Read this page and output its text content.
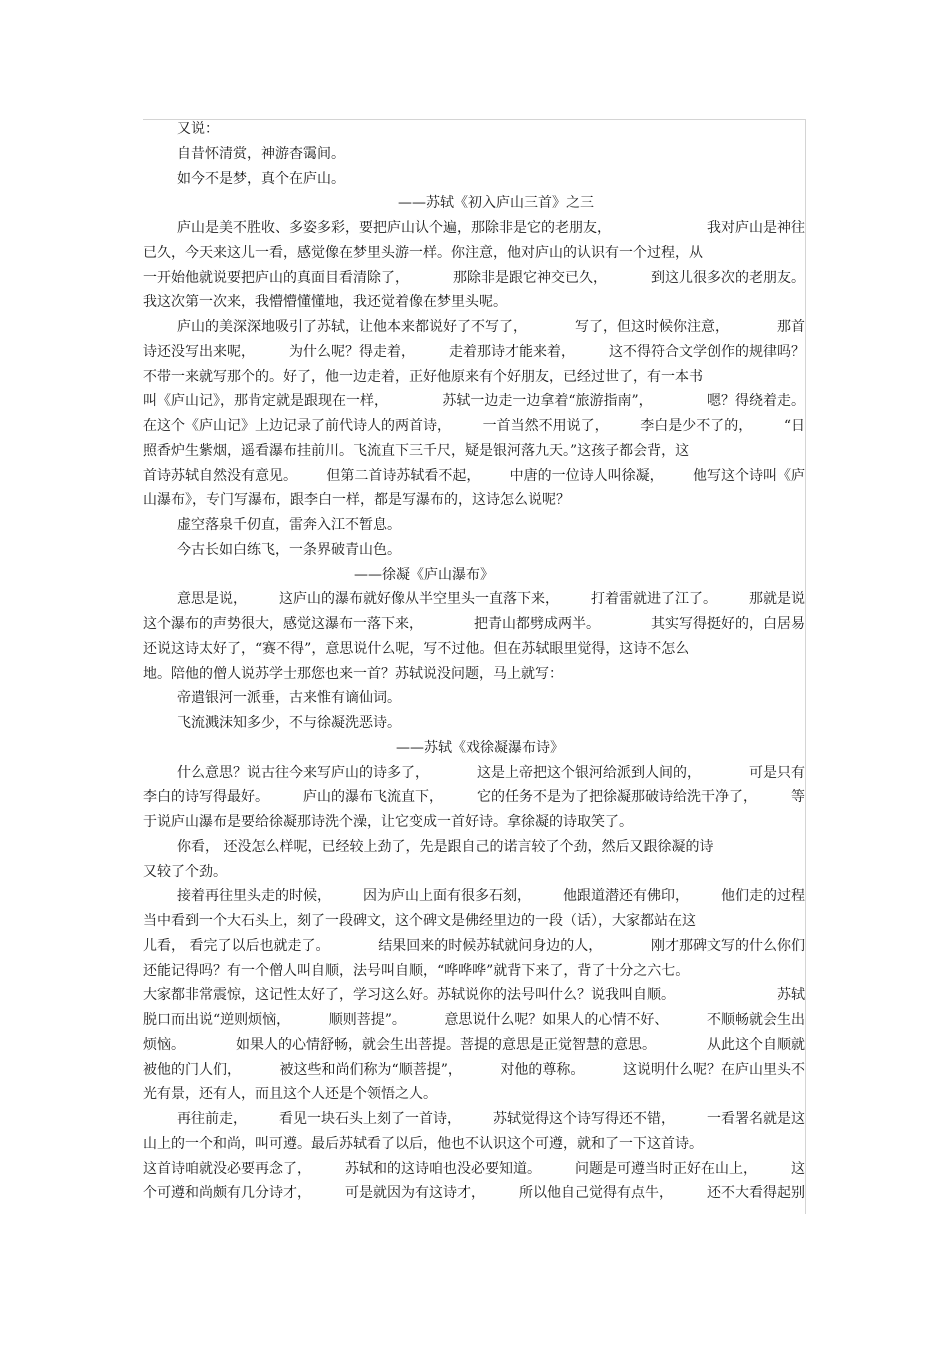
又说：
自昔怀清赏，神游杳霭间。
如今不是梦，真个在庐山。
——苏轼《初入庐山三首》之三
庐山是美不胜收、多姿多彩，要把庐山认个遍，那除非是它的老朋友，	我对庐山是神往
已久，今天来这儿一看，感觉像在梦里头游一样。你注意，他对庐山的认识有一个过程，从
一开始他就说要把庐山的真面目看清除了，	那除非是跟它神交已久，	到这儿很多次的老朋友。
我这次第一次来，我懵懵懂懂地，我还觉着像在梦里头呢。
庐山的美深深地吸引了苏轼，让他本来都说好了不写了，	写了，但这时候你注意，	那首
诗还没写出来呢， 为什么呢？得走着， 走着那诗才能来着， 这不得符合文学创作的规律吗？
不带一来就写那个的。好了，他一边走着，正好他原来有个好朋友，已经过世了，有一本书
叫《庐山记》，那肯定就是跟现在一样，	苏轼一边走一边拿着“旅游指南”，	嗯？得绕着走。
在这个《庐山记》上边记录了前代诗人的两首诗， 一首当然不用说了， 李白是少不了的， “日
照香炉生紫烟，遥看瀑布挂前川。飞流直下三千尺，疑是银河落九天。”这孩子都会背，这
首诗苏轼自然没有意见。 但第二首诗苏轼看不起， 中唐的一位诗人叫徐凝， 他写这个诗叫《庐
山瀑布》，专门写瀑布，跟李白一样，都是写瀑布的，这诗怎么说呢？
虚空落泉千仞直，雷奔入江不暂息。
今古长如白练飞，一条界破青山色。
——徐凝《庐山瀑布》
意思是说， 这庐山的瀑布就好像从半空里头一直落下来， 打着雷就进了江了。 那就是说
这个瀑布的声势很大，感觉这瀑布一落下来，	把青山都劈成两半。	其实写得挺好的，白居易
还说这诗太好了，“赛不得”，意思说什么呢，写不过他。但在苏轼眼里觉得，这诗不怎么
地。陪他的僧人说苏学士那您也来一首？苏轼说没问题，马上就写：
帝遣银河一派垂，古来惟有谪仙词。
飞流溅沫知多少，不与徐凝洗恶诗。
——苏轼《戏徐凝瀑布诗》
什么意思？说古往今来写庐山的诗多了，	这是上帝把这个银河给派到人间的，	可是只有
李白的诗写得最好。 庐山的瀑布飞流直下， 它的任务不是为了把徐凝那破诗给洗干净了， 等
于说庐山瀑布是要给徐凝那诗洗个澡，让它变成一首好诗。拿徐凝的诗取笑了。
你看， 还没怎么样呢，已经较上劲了，先是跟自己的诺言较了个劲，然后又跟徐凝的诗
又较了个劲。
接着再往里头走的时候， 因为庐山上面有很多石刻， 他跟道潜还有佛印， 他们走的过程
当中看到一个大石头上，刻了一段碑文，这个碑文是佛经里边的一段（话），大家都站在这
儿看， 看完了以后也就走了。	结果回来的时候苏轼就问身边的人，	刚才那碑文写的什么你们
还能记得吗？有一个僧人叫自顺，法号叫自顺，“哗哗哗”就背下来了，背了十分之六七。
大家都非常震惊，这记性太好了，学习这么好。苏轼说你的法号叫什么？说我叫自顺。	苏轼
脱口而出说“逆则烦恼，	顺则菩提”。	意思说什么呢？如果人的心情不好、	不顺畅就会生出
烦恼。	如果人的心情舒畅，就会生出菩提。菩提的意思是正觉智慧的意思。	从此这个自顺就
被他的门人们，	被这些和尚们称为“顺菩提”，	对他的尊称。	这说明什么呢？在庐山里头不
光有景，还有人，而且这个人还是个领悟之人。
再往前走， 看见一块石头上刻了一首诗， 苏轼觉得这个诗写得还不错， 一看署名就是这
山上的一个和尚，叫可遵。最后苏轼看了以后，他也不认识这个可遵，就和了一下这首诗。
这首诗咱就没必要再念了， 苏轼和的这诗咱也没必要知道。 问题是可遵当时正好在山上， 这
个可遵和尚颇有几分诗才， 可是就因为有这诗才， 所以他自己觉得有点牛， 还不大看得起别
